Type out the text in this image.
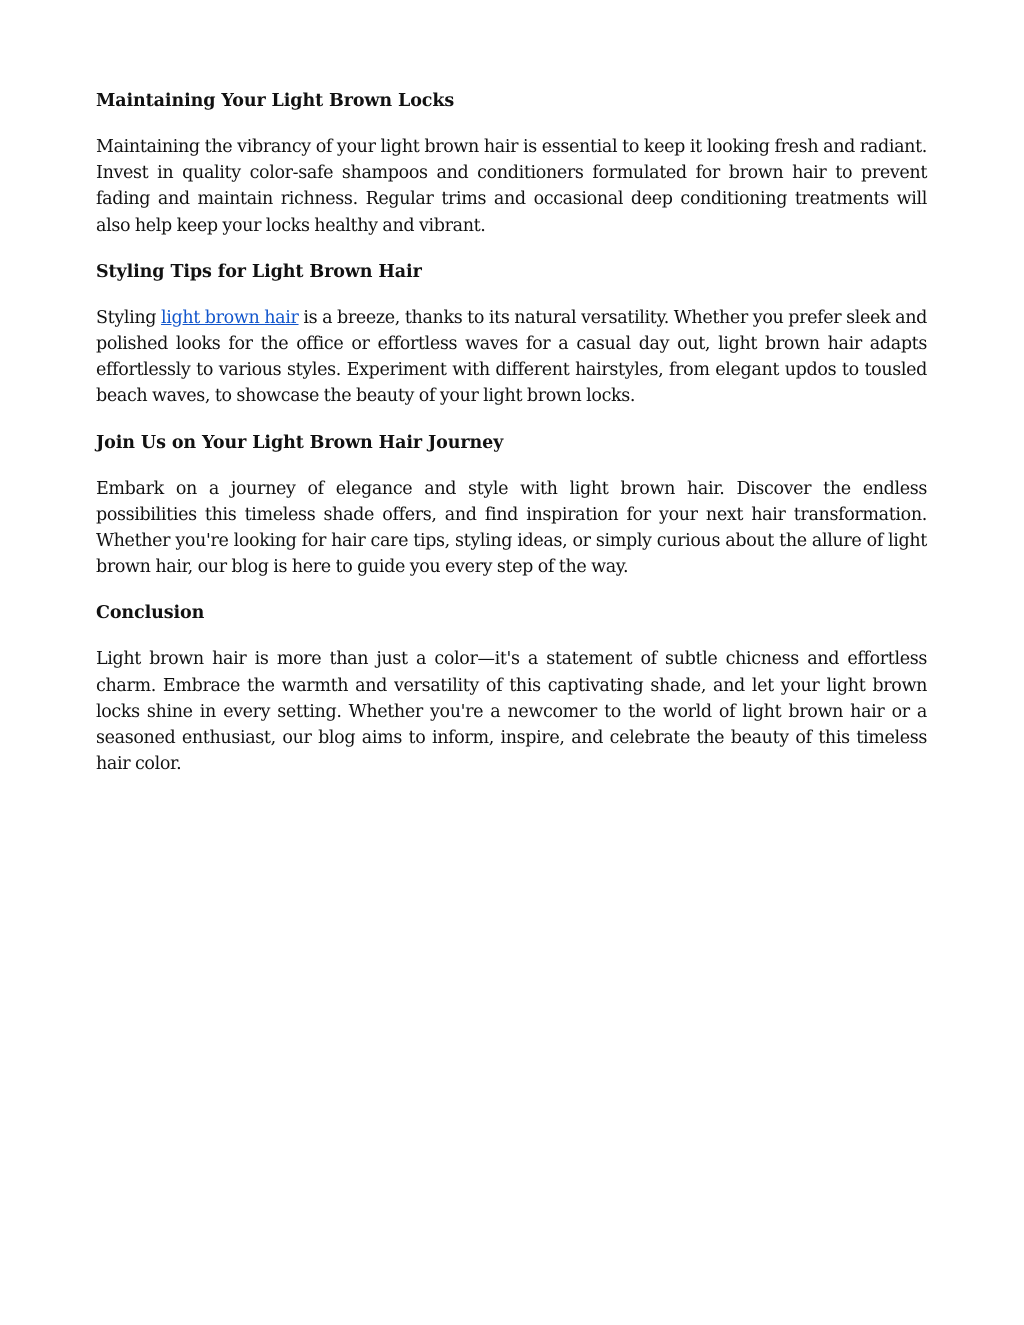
Maintaining Your Light Brown Locks

Maintaining the vibrancy of your light brown hair is essential to keep it looking fresh and radiant. Invest in quality color-safe shampoos and conditioners formulated for brown hair to prevent fading and maintain richness. Regular trims and occasional deep conditioning treatments will also help keep your locks healthy and vibrant.

Styling Tips for Light Brown Hair

Styling light brown hair is a breeze, thanks to its natural versatility. Whether you prefer sleek and polished looks for the office or effortless waves for a casual day out, light brown hair adapts effortlessly to various styles. Experiment with different hairstyles, from elegant updos to tousled beach waves, to showcase the beauty of your light brown locks.

Join Us on Your Light Brown Hair Journey

Embark on a journey of elegance and style with light brown hair. Discover the endless possibilities this timeless shade offers, and find inspiration for your next hair transformation. Whether you're looking for hair care tips, styling ideas, or simply curious about the allure of light brown hair, our blog is here to guide you every step of the way.

Conclusion

Light brown hair is more than just a color—it's a statement of subtle chicness and effortless charm. Embrace the warmth and versatility of this captivating shade, and let your light brown locks shine in every setting. Whether you're a newcomer to the world of light brown hair or a seasoned enthusiast, our blog aims to inform, inspire, and celebrate the beauty of this timeless hair color.
